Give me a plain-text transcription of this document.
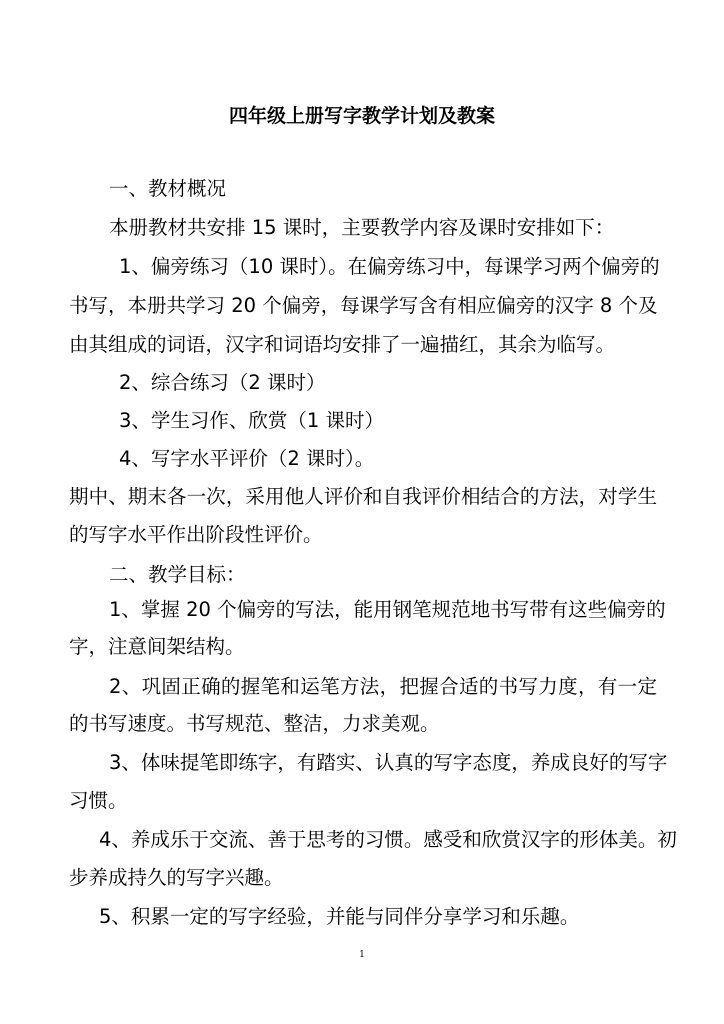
四年级上册写字教学计划及教案
一、教材概况
本册教材共安排 15 课时，主要教学内容及课时安排如下：
1、偏旁练习（10 课时）。在偏旁练习中，每课学习两个偏旁的
书写，本册共学习 20 个偏旁，每课学写含有相应偏旁的汉字 8 个及
由其组成的词语，汉字和词语均安排了一遍描红，其余为临写。
2、综合练习（2 课时）
3、学生习作、欣赏（1 课时）
4、写字水平评价（2 课时）。
期中、期末各一次，采用他人评价和自我评价相结合的方法，对学生
的写字水平作出阶段性评价。
二、教学目标：
1、掌握 20 个偏旁的写法，能用钢笔规范地书写带有这些偏旁的
字，注意间架结构。
2、巩固正确的握笔和运笔方法，把握合适的书写力度，有一定
的书写速度。书写规范、整洁，力求美观。
3、体味提笔即练字，有踏实、认真的写字态度，养成良好的写字
习惯。
4、养成乐于交流、善于思考的习惯。感受和欣赏汉字的形体美。初
步养成持久的写字兴趣。
5、积累一定的写字经验，并能与同伴分享学习和乐趣。
1
